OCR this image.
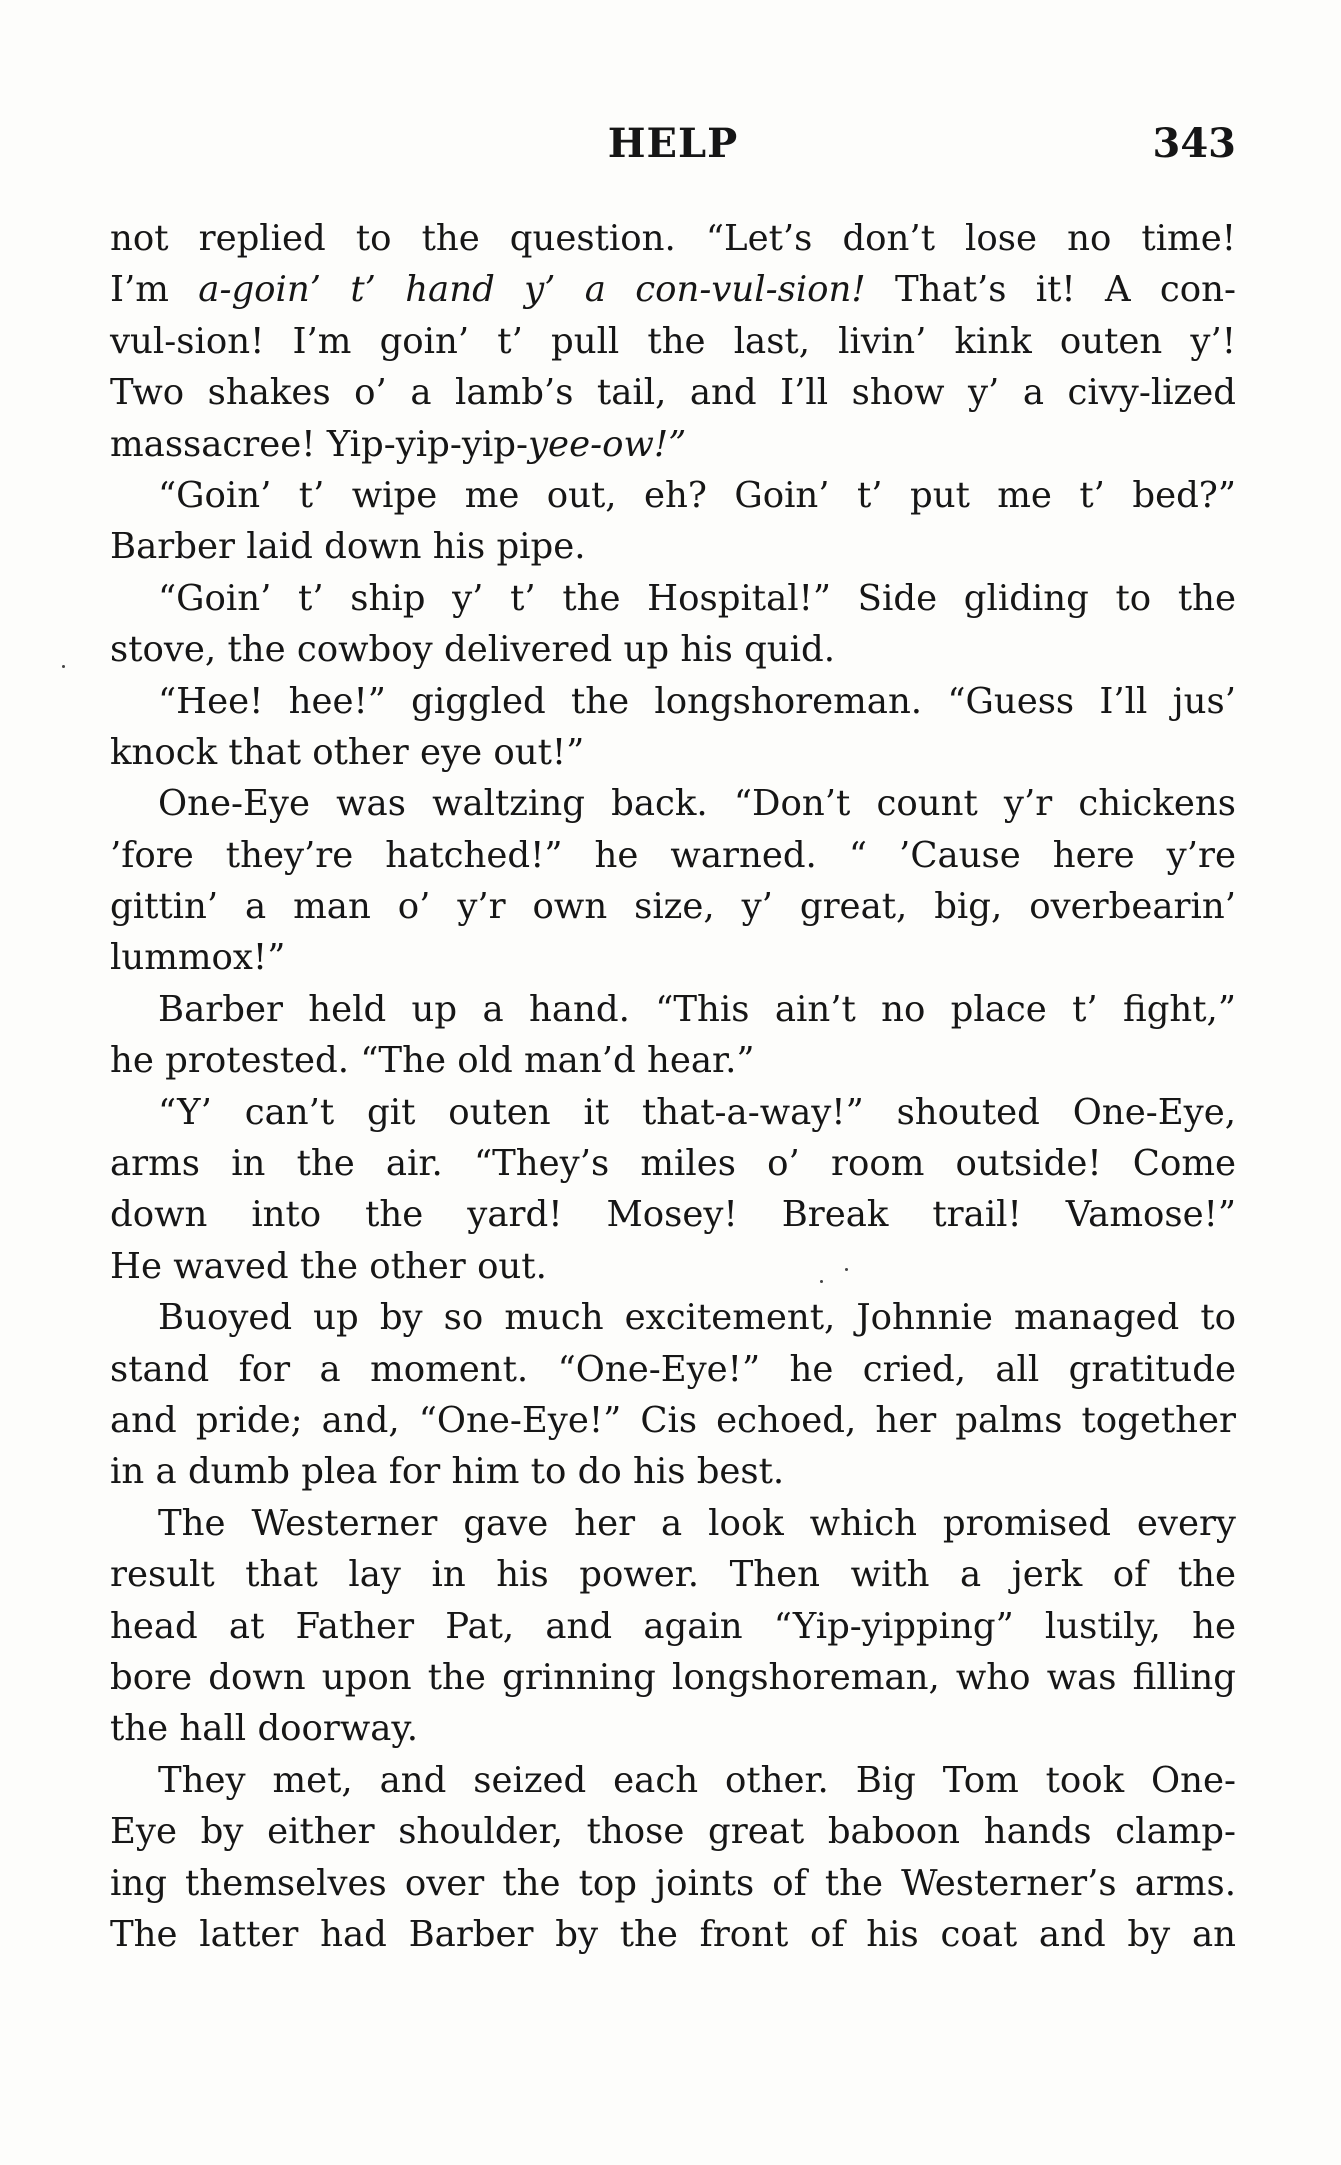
HELP	343
not replied to the question. “Let’s don’t lose no time!
I’m a-goin’ t’ hand y’ a con-vul-sion! That’s it! A con-
vul-sion! I’m goin’ t’ pull the last, livin’ kink outen y’!
Two shakes o’ a lamb’s tail, and I’ll show y’ a civy-lized
massacree! Yip-yip-yip-yee-ow!”
“Goin’ t’ wipe me out, eh? Goin’ t’ put me t’ bed?”
Barber laid down his pipe.
“Goin’ t’ ship y’ t’ the Hospital!” Side gliding to the
stove, the cowboy delivered up his quid.
“Hee! hee!” giggled the longshoreman. “Guess I’ll jus’
knock that other eye out!”
One-Eye was waltzing back. “Don’t count y’r chickens
’fore they’re hatched!” he warned. “ ’Cause here y’re
gittin’ a man o’ y’r own size, y’ great, big, overbearin’
lummox!”
Barber held up a hand. “This ain’t no place t’ fight,”
he protested. “The old man’d hear.”
“Y’ can’t git outen it that-a-way!” shouted One-Eye,
arms in the air. “They’s miles o’ room outside! Come
down into the yard! Mosey! Break trail! Vamose!”
He waved the other out.
Buoyed up by so much excitement, Johnnie managed to
stand for a moment. “One-Eye!” he cried, all gratitude
and pride; and, “One-Eye!” Cis echoed, her palms together
in a dumb plea for him to do his best.
The Westerner gave her a look which promised every
result that lay in his power. Then with a jerk of the
head at Father Pat, and again “Yip-yipping” lustily, he
bore down upon the grinning longshoreman, who was filling
the hall doorway.
They met, and seized each other. Big Tom took One-
Eye by either shoulder, those great baboon hands clamp-
ing themselves over the top joints of the Westerner’s arms.
The latter had Barber by the front of his coat and by an
